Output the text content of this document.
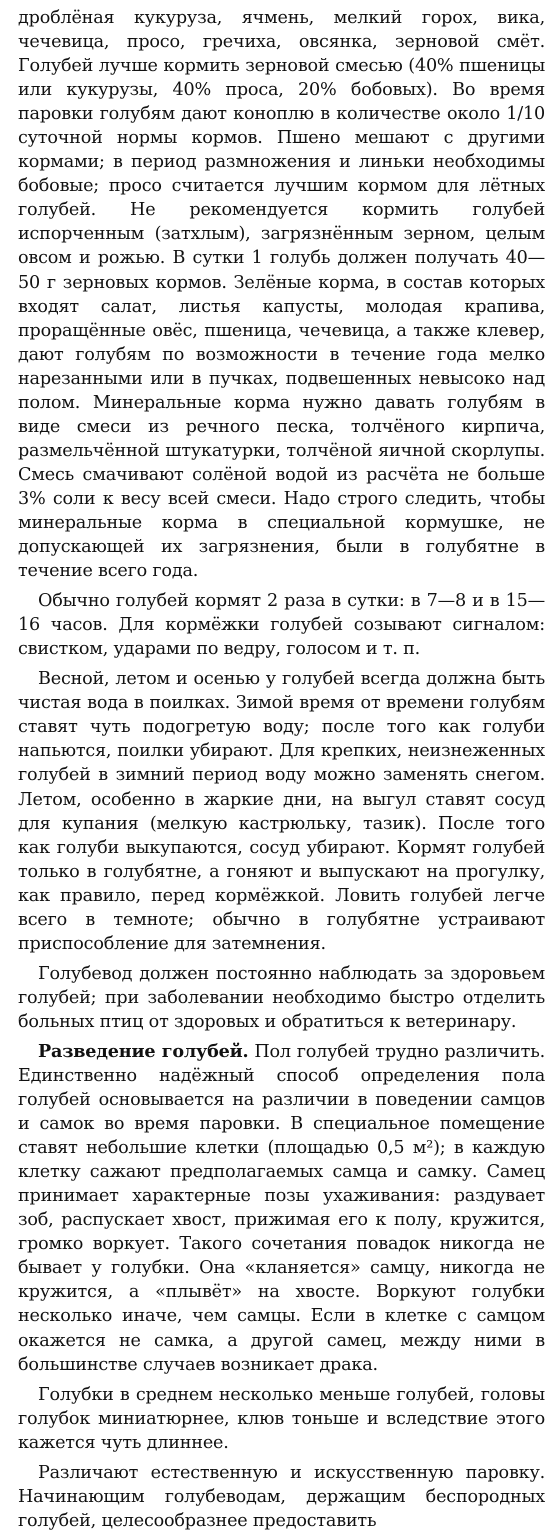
дроблёная кукуруза, ячмень, мелкий горох, вика, чечевица, просо, гречиха, овсянка, зерновой смёт. Голубей лучше кормить зерновой смесью (40% пшеницы или кукурузы, 40% проса, 20% бобовых). Во время паровки голубям дают коноплю в количестве около 1/10 суточной нормы кормов. Пшено мешают с другими кормами; в период размножения и линьки необходимы бобовые; просо считается лучшим кормом для лётных голубей. Не рекомендуется кормить голубей испорченным (затхлым), загрязнённым зерном, целым овсом и рожью. В сутки 1 голубь должен получать 40—50 г зерновых кормов. Зелёные корма, в состав которых входят салат, листья капусты, молодая крапива, проращённые овёс, пшеница, чечевица, а также клевер, дают голубям по возможности в течение года мелко нарезанными или в пучках, подвешенных невысоко над полом. Минеральные корма нужно давать голубям в виде смеси из речного песка, толчёного кирпича, размельчённой штукатурки, толчёной яичной скорлупы. Смесь смачивают солёной водой из расчёта не больше 3% соли к весу всей смеси. Надо строго следить, чтобы минеральные корма в специальной кормушке, не допускающей их загрязнения, были в голубятне в течение всего года.

Обычно голубей кормят 2 раза в сутки: в 7—8 и в 15—16 часов. Для кормёжки голубей созывают сигналом: свистком, ударами по ведру, голосом и т. п.

Весной, летом и осенью у голубей всегда должна быть чистая вода в поилках. Зимой время от времени голубям ставят чуть подогретую воду; после того как голуби напьются, поилки убирают. Для крепких, неизнеженных голубей в зимний период воду можно заменять снегом. Летом, особенно в жаркие дни, на выгул ставят сосуд для купания (мелкую кастрюльку, тазик). После того как голуби выкупаются, сосуд убирают. Кормят голубей только в голубятне, а гоняют и выпускают на прогулку, как правило, перед кормёжкой. Ловить голубей легче всего в темноте; обычно в голубятне устраивают приспособление для затемнения.

Голубевод должен постоянно наблюдать за здоровьем голубей; при заболевании необходимо быстро отделить больных птиц от здоровых и обратиться к ветеринару.

Разведение голубей. Пол голубей трудно различить. Единственно надёжный способ определения пола голубей основывается на различии в поведении самцов и самок во время паровки. В специальное помещение ставят небольшие клетки (площадью 0,5 м²); в каждую клетку сажают предполагаемых самца и самку. Самец принимает характерные позы ухаживания: раздувает зоб, распускает хвост, прижимая его к полу, кружится, громко воркует. Такого сочетания повадок никогда не бывает у голубки. Она «кланяется» самцу, никогда не кружится, а «плывёт» на хвосте. Воркуют голубки несколько иначе, чем самцы. Если в клетке с самцом окажется не самка, а другой самец, между ними в большинстве случаев возникает драка.

Голубки в среднем несколько меньше голубей, головы голубок миниатюрнее, клюв тоньше и вследствие этого кажется чуть длиннее.

Различают естественную и искусственную паровку. Начинающим голубеводам, держащим беспородных голубей, целесообразнее предоставить
